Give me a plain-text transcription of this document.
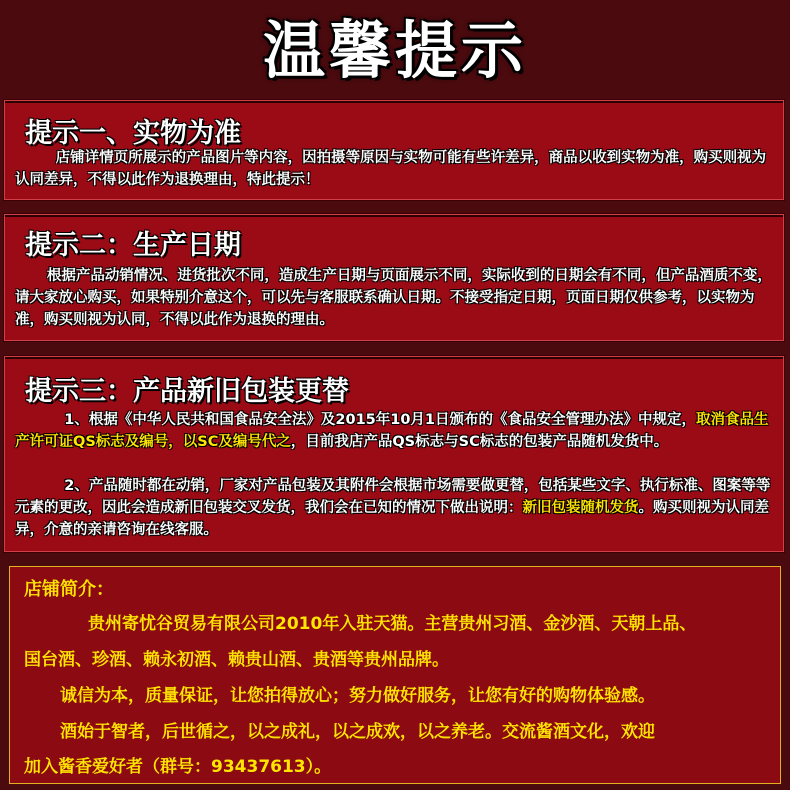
温馨提示
提示一、实物为准
店铺详情页所展示的产品图片等内容，因拍摄等原因与实物可能有些许差异，商品以收到实物为准，购买则视为认同差异，不得以此作为退换理由，特此提示！
提示二：生产日期
根据产品动销情况、进货批次不同，造成生产日期与页面展示不同，实际收到的日期会有不同，但产品酒质不变，请大家放心购买，如果特别介意这个，可以先与客服联系确认日期。不接受指定日期，页面日期仅供参考，以实物为准，购买则视为认同，不得以此作为退换的理由。
提示三：产品新旧包装更替
1、根据《中华人民共和国食品安全法》及2015年10月1日颁布的《食品安全管理办法》中规定，取消食品生产许可证QS标志及编号，以SC及编号代之，目前我店产品QS标志与SC标志的包装产品随机发货中。
2、产品随时都在动销，厂家对产品包装及其附件会根据市场需要做更替，包括某些文字、执行标准、图案等等元素的更改，因此会造成新旧包装交叉发货，我们会在已知的情况下做出说明：新旧包装随机发货。购买则视为认同差异，介意的亲请咨询在线客服。
店铺简介：
贵州寄忧谷贸易有限公司2010年入驻天猫。主营贵州习酒、金沙酒、天朝上品、
国台酒、珍酒、赖永初酒、赖贵山酒、贵酒等贵州品牌。
诚信为本，质量保证，让您拍得放心；努力做好服务，让您有好的购物体验感。
酒始于智者，后世循之，以之成礼，以之成欢，以之养老。交流酱酒文化，欢迎
加入酱香爱好者（群号：93437613）。
